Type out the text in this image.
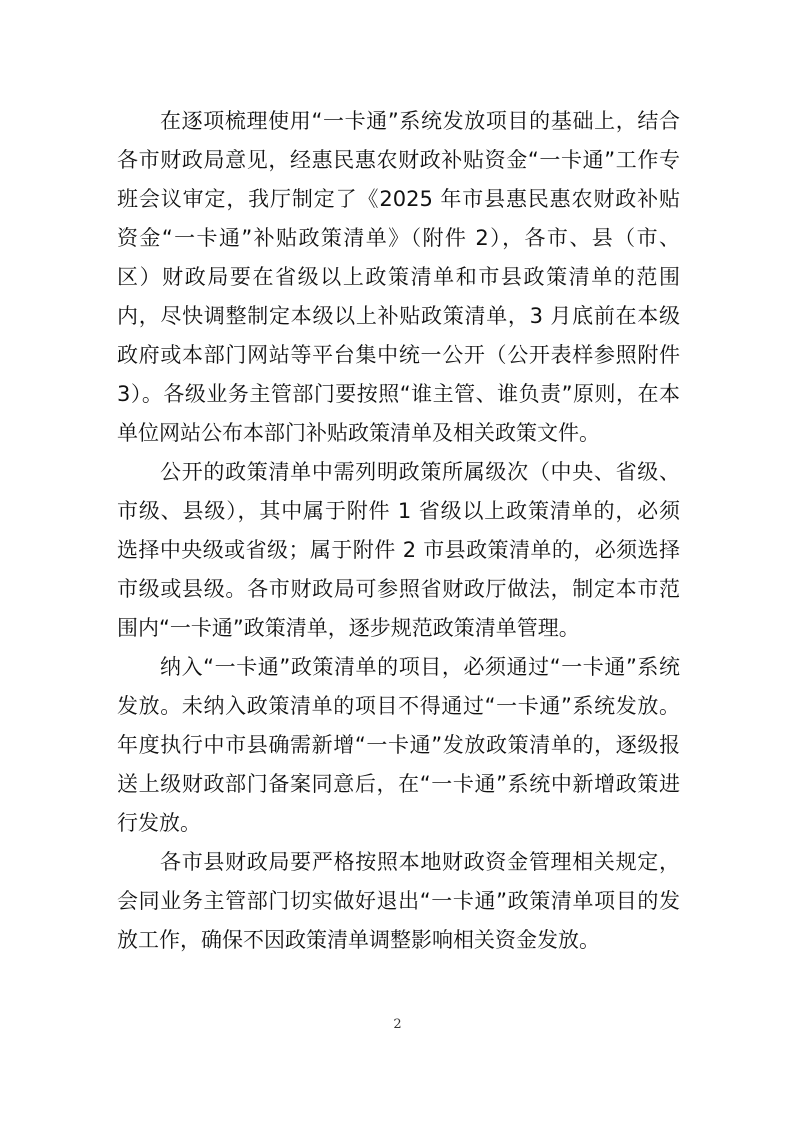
在逐项梳理使用“一卡通”系统发放项目的基础上，结合
各市财政局意见，经惠民惠农财政补贴资金“一卡通”工作专
班会议审定，我厅制定了《2025 年市县惠民惠农财政补贴
资金“一卡通”补贴政策清单》（附件 2），各市、县（市、
区）财政局要在省级以上政策清单和市县政策清单的范围
内，尽快调整制定本级以上补贴政策清单，3 月底前在本级
政府或本部门网站等平台集中统一公开（公开表样参照附件
3）。各级业务主管部门要按照“谁主管、谁负责”原则，在本
单位网站公布本部门补贴政策清单及相关政策文件。
公开的政策清单中需列明政策所属级次（中央、省级、
市级、县级），其中属于附件 1 省级以上政策清单的，必须
选择中央级或省级；属于附件 2 市县政策清单的，必须选择
市级或县级。各市财政局可参照省财政厅做法，制定本市范
围内“一卡通”政策清单，逐步规范政策清单管理。
纳入“一卡通”政策清单的项目，必须通过“一卡通”系统
发放。未纳入政策清单的项目不得通过“一卡通”系统发放。
年度执行中市县确需新增“一卡通”发放政策清单的，逐级报
送上级财政部门备案同意后，在“一卡通”系统中新增政策进
行发放。
各市县财政局要严格按照本地财政资金管理相关规定，
会同业务主管部门切实做好退出“一卡通”政策清单项目的发
放工作，确保不因政策清单调整影响相关资金发放。
2
